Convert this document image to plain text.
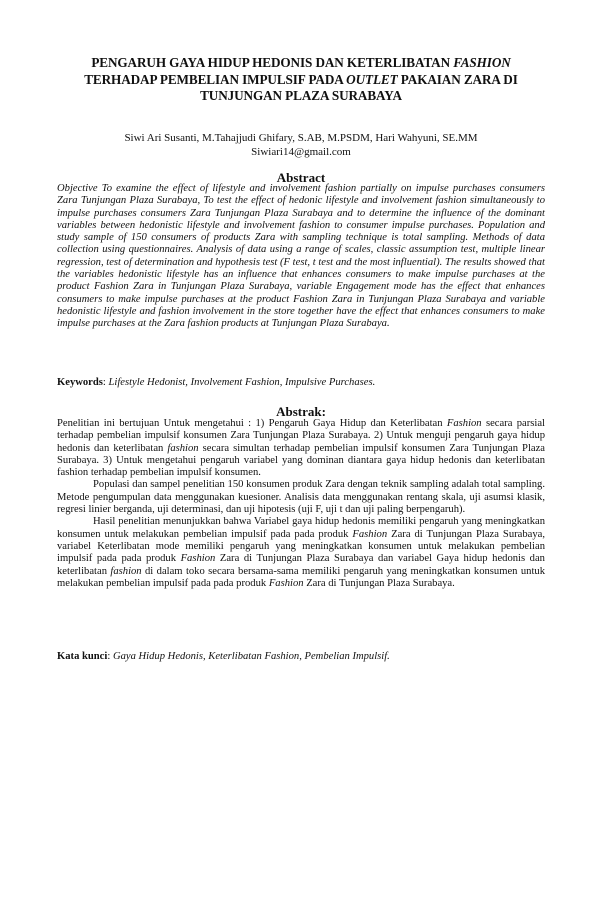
PENGARUH GAYA HIDUP HEDONIS DAN KETERLIBATAN FASHION
TERHADAP PEMBELIAN IMPULSIF PADA OUTLET PAKAIAN ZARA DI
TUNJUNGAN PLAZA SURABAYA
Siwi Ari Susanti, M.Tahajjudi Ghifary, S.AB, M.PSDM, Hari Wahyuni, SE.MM
Siwiari14@gmail.com
Abstract
Objective To examine the effect of lifestyle and involvement fashion partially on impulse purchases consumers Zara Tunjungan Plaza Surabaya, To test the effect of hedonic lifestyle and involvement fashion simultaneously to impulse purchases consumers Zara Tunjungan Plaza Surabaya and to determine the influence of the dominant variables between hedonistic lifestyle and involvement fashion to consumer impulse purchases. Population and study sample of 150 consumers of products Zara with sampling technique is total sampling. Methods of data collection using questionnaires. Analysis of data using a range of scales, classic assumption test, multiple linear regression, test of determination and hypothesis test (F test, t test and the most influential). The results showed that the variables hedonistic lifestyle has an influence that enhances consumers to make impulse purchases at the product Fashion Zara in Tunjungan Plaza Surabaya, variable Engagement mode has the effect that enhances consumers to make impulse purchases at the product Fashion Zara in Tunjungan Plaza Surabaya and variable hedonistic lifestyle and fashion involvement in the store together have the effect that enhances consumers to make impulse purchases at the Zara fashion products at Tunjungan Plaza Surabaya.
Keywords: Lifestyle Hedonist, Involvement Fashion, Impulsive Purchases.
Abstrak:

Penelitian ini bertujuan Untuk mengetahui : 1) Pengaruh Gaya Hidup dan Keterlibatan Fashion secara parsial terhadap pembelian impulsif konsumen Zara Tunjungan Plaza Surabaya. 2) Untuk menguji pengaruh gaya hidup hedonis dan keterlibatan fashion secara simultan terhadap pembelian impulsif konsumen Zara Tunjungan Plaza Surabaya. 3) Untuk mengetahui pengaruh variabel yang dominan diantara gaya hidup hedonis dan keterlibatan fashion terhadap pembelian impulsif konsumen.

Populasi dan sampel penelitian 150 konsumen produk Zara dengan teknik sampling adalah total sampling. Metode pengumpulan data menggunakan kuesioner. Analisis data menggunakan rentang skala, uji asumsi klasik, regresi linier berganda, uji determinasi, dan uji hipotesis (uji F, uji t dan uji paling berpengaruh).

Hasil penelitian menunjukkan bahwa Variabel gaya hidup hedonis memiliki pengaruh yang meningkatkan konsumen untuk melakukan pembelian impulsif pada pada produk Fashion Zara di Tunjungan Plaza Surabaya, variabel Keterlibatan mode memiliki pengaruh yang meningkatkan konsumen untuk melakukan pembelian impulsif pada pada produk Fashion Zara di Tunjungan Plaza Surabaya dan variabel Gaya hidup hedonis dan keterlibatan fashion di dalam toko secara bersama-sama memiliki pengaruh yang meningkatkan konsumen untuk melakukan pembelian impulsif pada pada produk Fashion Zara di Tunjungan Plaza Surabaya.

Kata kunci: Gaya Hidup Hedonis, Keterlibatan Fashion, Pembelian Impulsif.
